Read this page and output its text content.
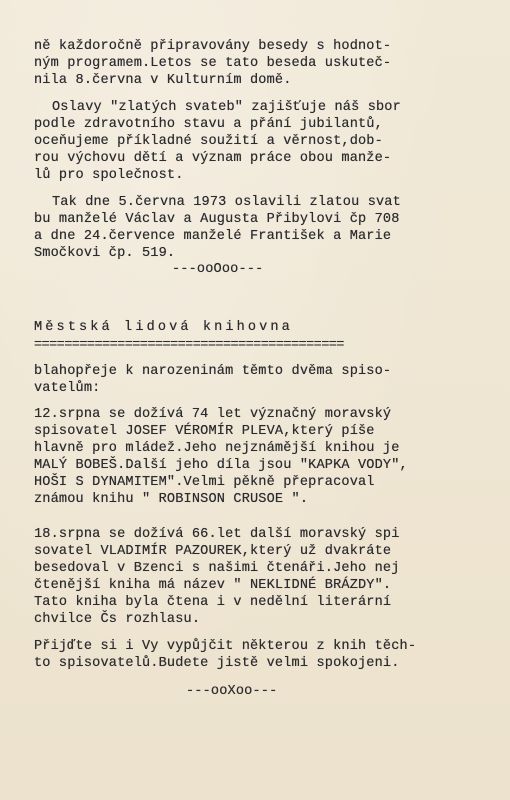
ně každoročně připravovány besedy s hodnot-
ným programem.Letos se tato beseda uskuteč-
nila 8.června v Kulturním domě.
Oslavy "zlatých svateb" zajišťuje náš sbor
podle zdravotního stavu a přání jubilantů,
oceňujeme příkladné soužití a věrnost,dob-
rou výchovu dětí a význam práce obou manže-
lů pro společnost.
Tak dne 5.června 1973 oslavili zlatou svat
bu manželé Václav a Augusta Přibylovi čp 708
a dne 24.července manželé František a Marie
Smočkovi čp. 519.
---ooOoo---
Městská lidová knihovna
=========================================
blahopřeje k narozeninám těmto dvěma spiso-
vatelům:
12.srpna se dožívá 74 let význačný moravský
spisovatel JOSEF VÉROMÍR PLEVA,který píše
hlavně pro mládež.Jeho nejznámější knihou je
MALÝ BOBEŠ.Další jeho díla jsou "KAPKA VODY",
HOŠI S DYNAMITEM".Velmi pěkně přepracoval
známou knihu " ROBINSON CRUSOE ".
18.srpna se dožívá 66.let další moravský spi
sovatel VLADIMÍR PAZOUREK,který už dvakráte
besedoval v Bzenci s našimi čtenáři.Jeho nej
čtenější kniha má název " NEKLIDNÉ BRÁZDY".
Tato kniha byla čtena i v nedělní literární
chvilce Čs rozhlasu.
Přijďte si i Vy vypůjčit některou z knih těch-
to spisovatelů.Budete jistě velmi spokojeni.
---ooXoo---
